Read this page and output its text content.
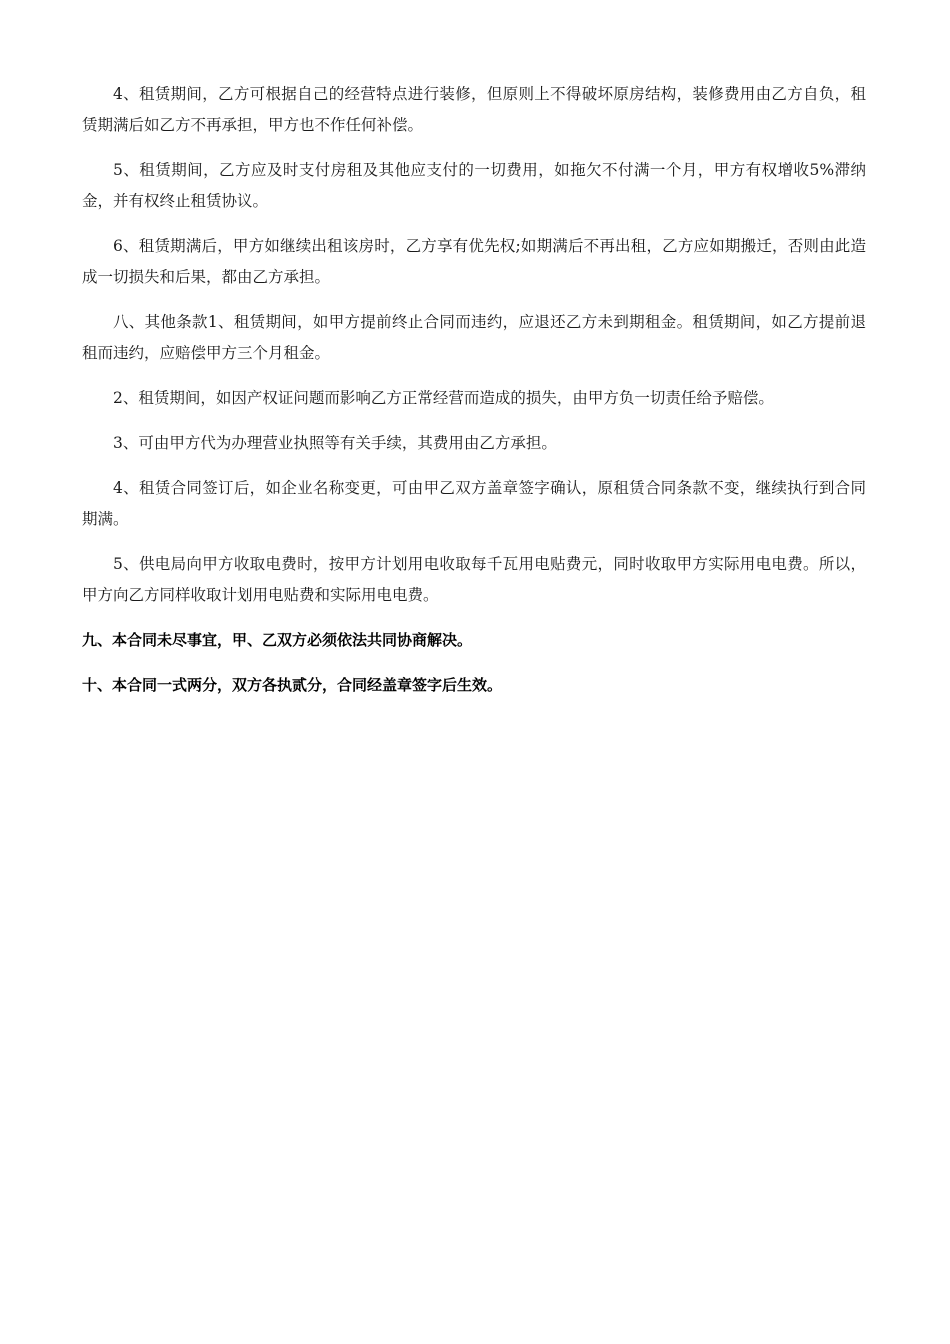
4、租赁期间，乙方可根据自己的经营特点进行装修，但原则上不得破坏原房结构，装修费用由乙方自负，租赁期满后如乙方不再承担，甲方也不作任何补偿。

5、租赁期间，乙方应及时支付房租及其他应支付的一切费用，如拖欠不付满一个月，甲方有权增收5%滞纳金，并有权终止租赁协议。

6、租赁期满后，甲方如继续出租该房时，乙方享有优先权;如期满后不再出租，乙方应如期搬迁，否则由此造成一切损失和后果，都由乙方承担。

八、其他条款1、租赁期间，如甲方提前终止合同而违约，应退还乙方未到期租金。租赁期间，如乙方提前退租而违约，应赔偿甲方三个月租金。

2、租赁期间，如因产权证问题而影响乙方正常经营而造成的损失，由甲方负一切责任给予赔偿。

3、可由甲方代为办理营业执照等有关手续，其费用由乙方承担。

4、租赁合同签订后，如企业名称变更，可由甲乙双方盖章签字确认，原租赁合同条款不变，继续执行到合同期满。

5、供电局向甲方收取电费时，按甲方计划用电收取每千瓦用电贴费元，同时收取甲方实际用电电费。所以，甲方向乙方同样收取计划用电贴费和实际用电电费。

九、本合同未尽事宜，甲、乙双方必须依法共同协商解决。

十、本合同一式两分，双方各执贰分，合同经盖章签字后生效。
